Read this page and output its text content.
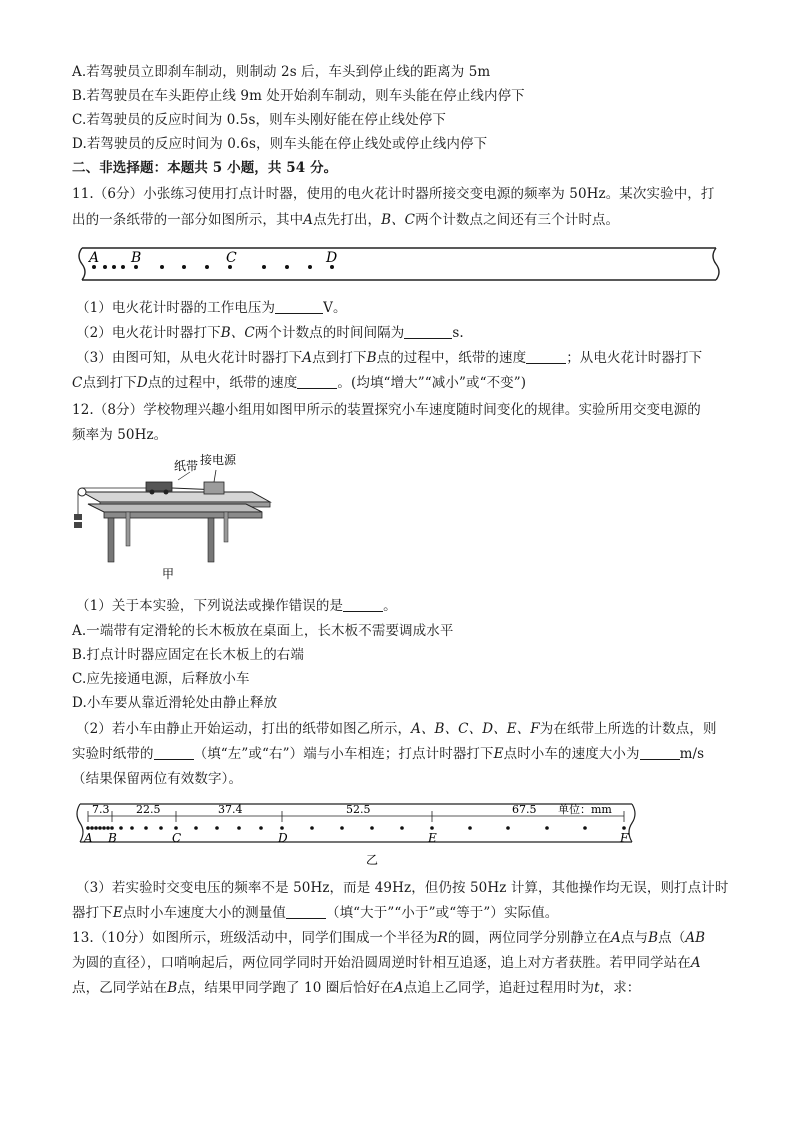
A.若驾驶员立即刹车制动，则制动 2s 后，车头到停止线的距离为 5m
B.若驾驶员在车头距停止线 9m 处开始刹车制动，则车头能在停止线内停下
C.若驾驶员的反应时间为 0.5s，则车头刚好能在停止线处停下
D.若驾驶员的反应时间为 0.6s，则车头能在停止线处或停止线内停下
二、非选择题：本题共 5 小题，共 54 分。
11.（6分）小张练习使用打点计时器，使用的电火花计时器所接交变电源的频率为 50Hz。某次实验中，打
出的一条纸带的一部分如图所示，其中A点先打出，B、C两个计数点之间还有三个计时点。
A B	C	D
（1）电火花计时器的工作电压为	V。
（2）电火花计时器打下B、C两个计数点的时间间隔为	s.
（3）由图可知，从电火花计时器打下A点到打下B点的过程中，纸带的速度	；从电火花计时器打下
C点到打下D点的过程中，纸带的速度	。(均填“增大”“减小”或“不变”)
12.（8分）学校物理兴趣小组用如图甲所示的装置探究小车速度随时间变化的规律。实验所用交变电源的
频率为 50Hz。
纸带 接电源
甲
（1）关于本实验，下列说法或操作错误的是	。
A.一端带有定滑轮的长木板放在桌面上，长木板不需要调成水平
B.打点计时器应固定在长木板上的右端
C.应先接通电源，后释放小车
D.小车要从靠近滑轮处由静止释放
（2）若小车由静止开始运动，打出的纸带如图乙所示，A、B、C、D、E、F为在纸带上所选的计数点，则
实验时纸带的	（填“左”或“右”）端与小车相连；打点计时器打下E点时小车的速度大小为	m/s
（结果保留两位有效数字）。
7.3 22.5	37.4	52.5	67.5 单位：mm
A B	C	D	E	F
乙
（3）若实验时交变电压的频率不是 50Hz，而是 49Hz，但仍按 50Hz 计算，其他操作均无误，则打点计时
器打下E点时小车速度大小的测量值	（填“大于”“小于”或“等于”）实际值。
13.（10分）如图所示，班级活动中，同学们围成一个半径为R的圆，两位同学分别静立在A点与B点（AB
为圆的直径），口哨响起后，两位同学同时开始沿圆周逆时针相互追逐，追上对方者获胜。若甲同学站在A
点，乙同学站在B点，结果甲同学跑了 10 圈后恰好在A点追上乙同学，追赶过程用时为t，求：
